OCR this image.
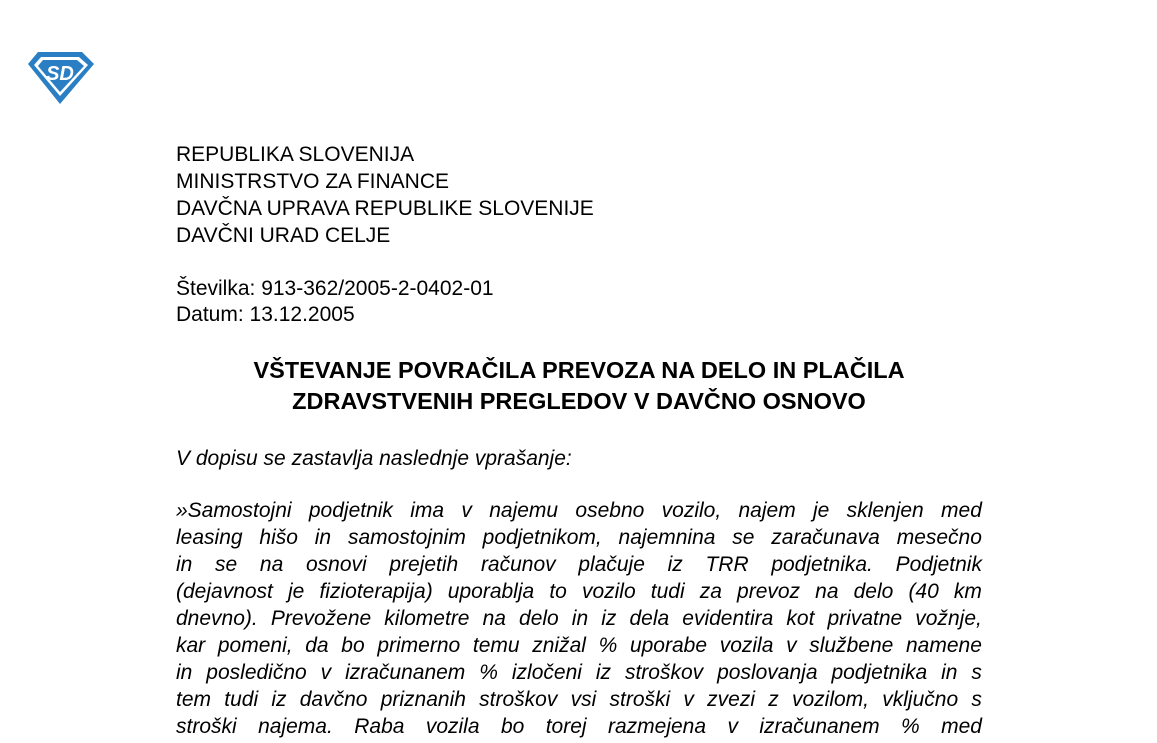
SD
REPUBLIKA SLOVENIJA
MINISTRSTVO ZA FINANCE
DAVČNA UPRAVA REPUBLIKE SLOVENIJE
DAVČNI URAD CELJE
Številka: 913-362/2005-2-0402-01
Datum: 13.12.2005
VŠTEVANJE POVRAČILA PREVOZA NA DELO IN PLAČILA
ZDRAVSTVENIH PREGLEDOV V DAVČNO OSNOVO
V dopisu se zastavlja naslednje vprašanje:
»Samostojni podjetnik ima v najemu osebno vozilo, najem je sklenjen med
leasing hišo in samostojnim podjetnikom, najemnina se zaračunava mesečno
in se na osnovi prejetih računov plačuje iz TRR podjetnika. Podjetnik
(dejavnost je fizioterapija) uporablja to vozilo tudi za prevoz na delo (40 km
dnevno). Prevožene kilometre na delo in iz dela evidentira kot privatne vožnje,
kar pomeni, da bo primerno temu znižal % uporabe vozila v službene namene
in posledično v izračunanem % izločeni iz stroškov poslovanja podjetnika in s
tem tudi iz davčno priznanih stroškov vsi stroški v zvezi z vozilom, vključno s
stroški najema. Raba vozila bo torej razmejena v izračunanem % med
